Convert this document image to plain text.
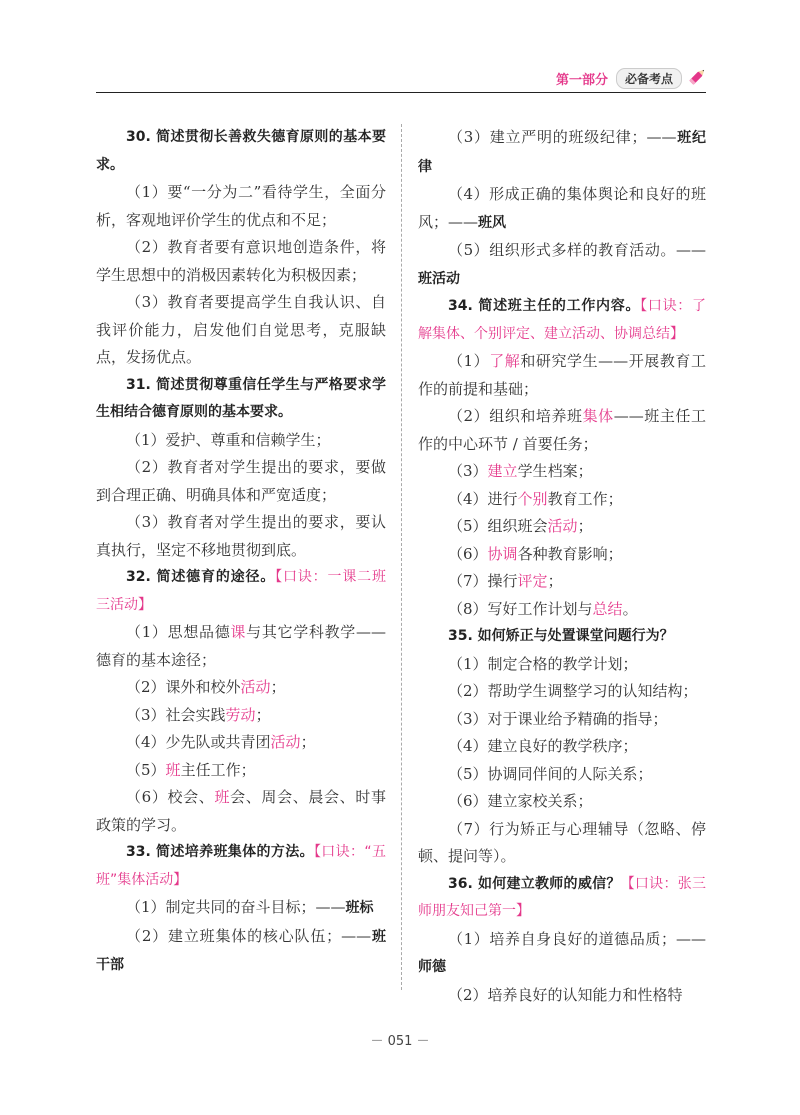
第一部分	必备考点

30. 简述贯彻长善救失德育原则的基本要求。

（1）要“一分为二”看待学生，全面分析，客观地评价学生的优点和不足；

（2）教育者要有意识地创造条件，将学生思想中的消极因素转化为积极因素；

（3）教育者要提高学生自我认识、自我评价能力，启发他们自觉思考，克服缺点，发扬优点。

31. 简述贯彻尊重信任学生与严格要求学生相结合德育原则的基本要求。

（1）爱护、尊重和信赖学生；

（2）教育者对学生提出的要求，要做到合理正确、明确具体和严宽适度；

（3）教育者对学生提出的要求，要认真执行，坚定不移地贯彻到底。

32. 简述德育的途径。【口诀：一课二班三活动】

（1）思想品德课与其它学科教学——德育的基本途径；

（2）课外和校外活动；

（3）社会实践劳动；

（4）少先队或共青团活动；

（5）班主任工作；

（6）校会、班会、周会、晨会、时事政策的学习。

33. 简述培养班集体的方法。【口诀：“五班”集体活动】

（1）制定共同的奋斗目标；——班标

（2）建立班集体的核心队伍；——班干部

（3）建立严明的班级纪律；——班纪律

（4）形成正确的集体舆论和良好的班风；——班风

（5）组织形式多样的教育活动。——班活动

34. 简述班主任的工作内容。【口诀：了解集体、个别评定、建立活动、协调总结】

（1）了解和研究学生——开展教育工作的前提和基础；

（2）组织和培养班集体——班主任工作的中心环节 / 首要任务；

（3）建立学生档案；

（4）进行个别教育工作；

（5）组织班会活动；

（6）协调各种教育影响；

（7）操行评定；

（8）写好工作计划与总结。

35. 如何矫正与处置课堂问题行为？

（1）制定合格的教学计划；

（2）帮助学生调整学习的认知结构；

（3）对于课业给予精确的指导；

（4）建立良好的教学秩序；

（5）协调同伴间的人际关系；

（6）建立家校关系；

（7）行为矫正与心理辅导（忽略、停顿、提问等）。

36. 如何建立教师的威信？【口诀：张三师朋友知己第一】

（1）培养自身良好的道德品质；——师德

（2）培养良好的认知能力和性格特

－ 051 －
